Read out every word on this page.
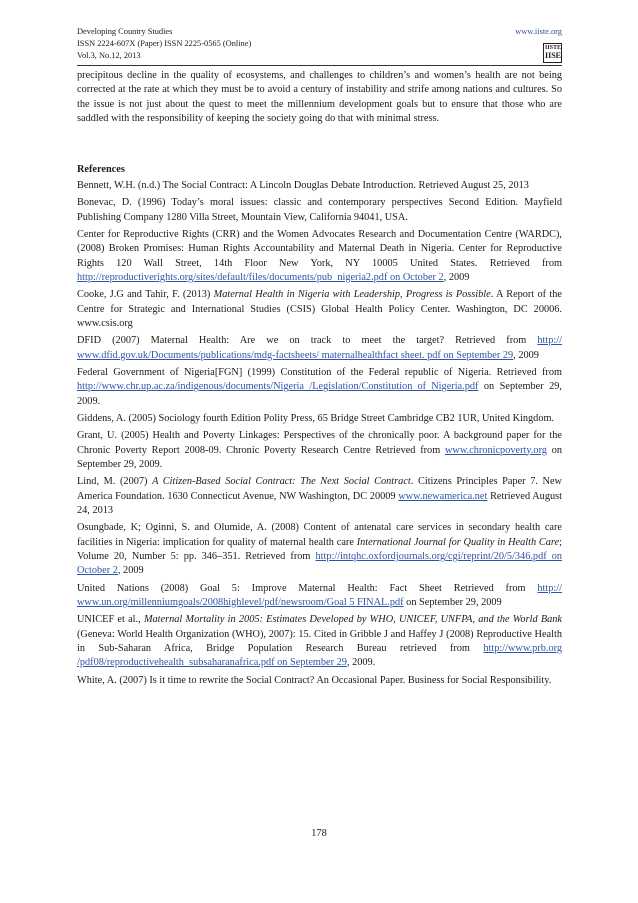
Developing Country Studies
ISSN 2224-607X (Paper) ISSN 2225-0565 (Online)
Vol.3, No.12, 2013
www.iiste.org
IISTE
IISE

precipitous decline in the quality of ecosystems, and challenges to children’s and women’s health are not being corrected at the rate at which they must be to avoid a century of instability and strife among nations and cultures. So the issue is not just about the quest to meet the millennium development goals but to ensure that those who are saddled with the responsibility of keeping the society going do that with minimal stress.

References

Bennett, W.H. (n.d.) The Social Contract: A Lincoln Douglas Debate Introduction. Retrieved August 25, 2013

Bonevac, D. (1996) Today’s moral issues: classic and contemporary perspectives Second Edition. Mayfield Publishing Company 1280 Villa Street, Mountain View, California 94041, USA.

Center for Reproductive Rights (CRR) and the Women Advocates Research and Documentation Centre (WARDC), (2008) Broken Promises: Human Rights Accountability and Maternal Death in Nigeria. Center for Reproductive Rights 120 Wall Street, 14th Floor New York, NY 10005 United States. Retrieved from http://reproductiverights.org/sites/default/files/documents/pub_nigeria2.pdf on October 2, 2009

Cooke, J.G and Tahir, F. (2013) Maternal Health in Nigeria with Leadership, Progress is Possible. A Report of the Centre for Strategic and International Studies (CSIS) Global Health Policy Center. Washington, DC 20006. www.csis.org

DFID (2007) Maternal Health: Are we on track to meet the target? Retrieved from http:// www.dfid.gov.uk/Documents/publications/mdg-factsheets/ maternalhealthfact sheet. pdf on September 29, 2009

Federal Government of Nigeria[FGN] (1999) Constitution of the Federal republic of Nigeria. Retrieved from http://www.chr.up.ac.za/indigenous/documents/Nigeria /Legislation/Constitution_of_Nigeria.pdf on September 29, 2009.

Giddens, A. (2005) Sociology fourth Edition Polity Press, 65 Bridge Street Cambridge CB2 1UR, United Kingdom.

Grant, U. (2005) Health and Poverty Linkages: Perspectives of the chronically poor. A background paper for the Chronic Poverty Report 2008-09. Chronic Poverty Research Centre Retrieved from www.chronicpoverty.org on September 29, 2009.

Lind, M. (2007) A Citizen-Based Social Contract: The Next Social Contract. Citizens Principles Paper 7. New America Foundation. 1630 Connecticut Avenue, NW Washington, DC 20009 www.newamerica.net Retrieved August 24, 2013

Osungbade, K; Oginni, S. and Olumide, A. (2008) Content of antenatal care services in secondary health care facilities in Nigeria: implication for quality of maternal health care International Journal for Quality in Health Care; Volume 20, Number 5: pp. 346–351. Retrieved from http://intqhc.oxfordjournals.org/cgi/reprint/20/5/346.pdf on October 2, 2009

United Nations (2008) Goal 5: Improve Maternal Health: Fact Sheet Retrieved from http:// www.un.org/millenniumgoals/2008highlevel/pdf/newsroom/Goal 5 FINAL.pdf on September 29, 2009

UNICEF et al., Maternal Mortality in 2005: Estimates Developed by WHO, UNICEF, UNFPA, and the World Bank (Geneva: World Health Organization (WHO), 2007): 15. Cited in Gribble J and Haffey J (2008) Reproductive Health in Sub-Saharan Africa, Bridge Population Research Bureau retrieved from http://www.prb.org /pdf08/reproductivehealth_subsaharanafrica.pdf on September 29, 2009.

White, A. (2007) Is it time to rewrite the Social Contract? An Occasional Paper. Business for Social Responsibility.

178
